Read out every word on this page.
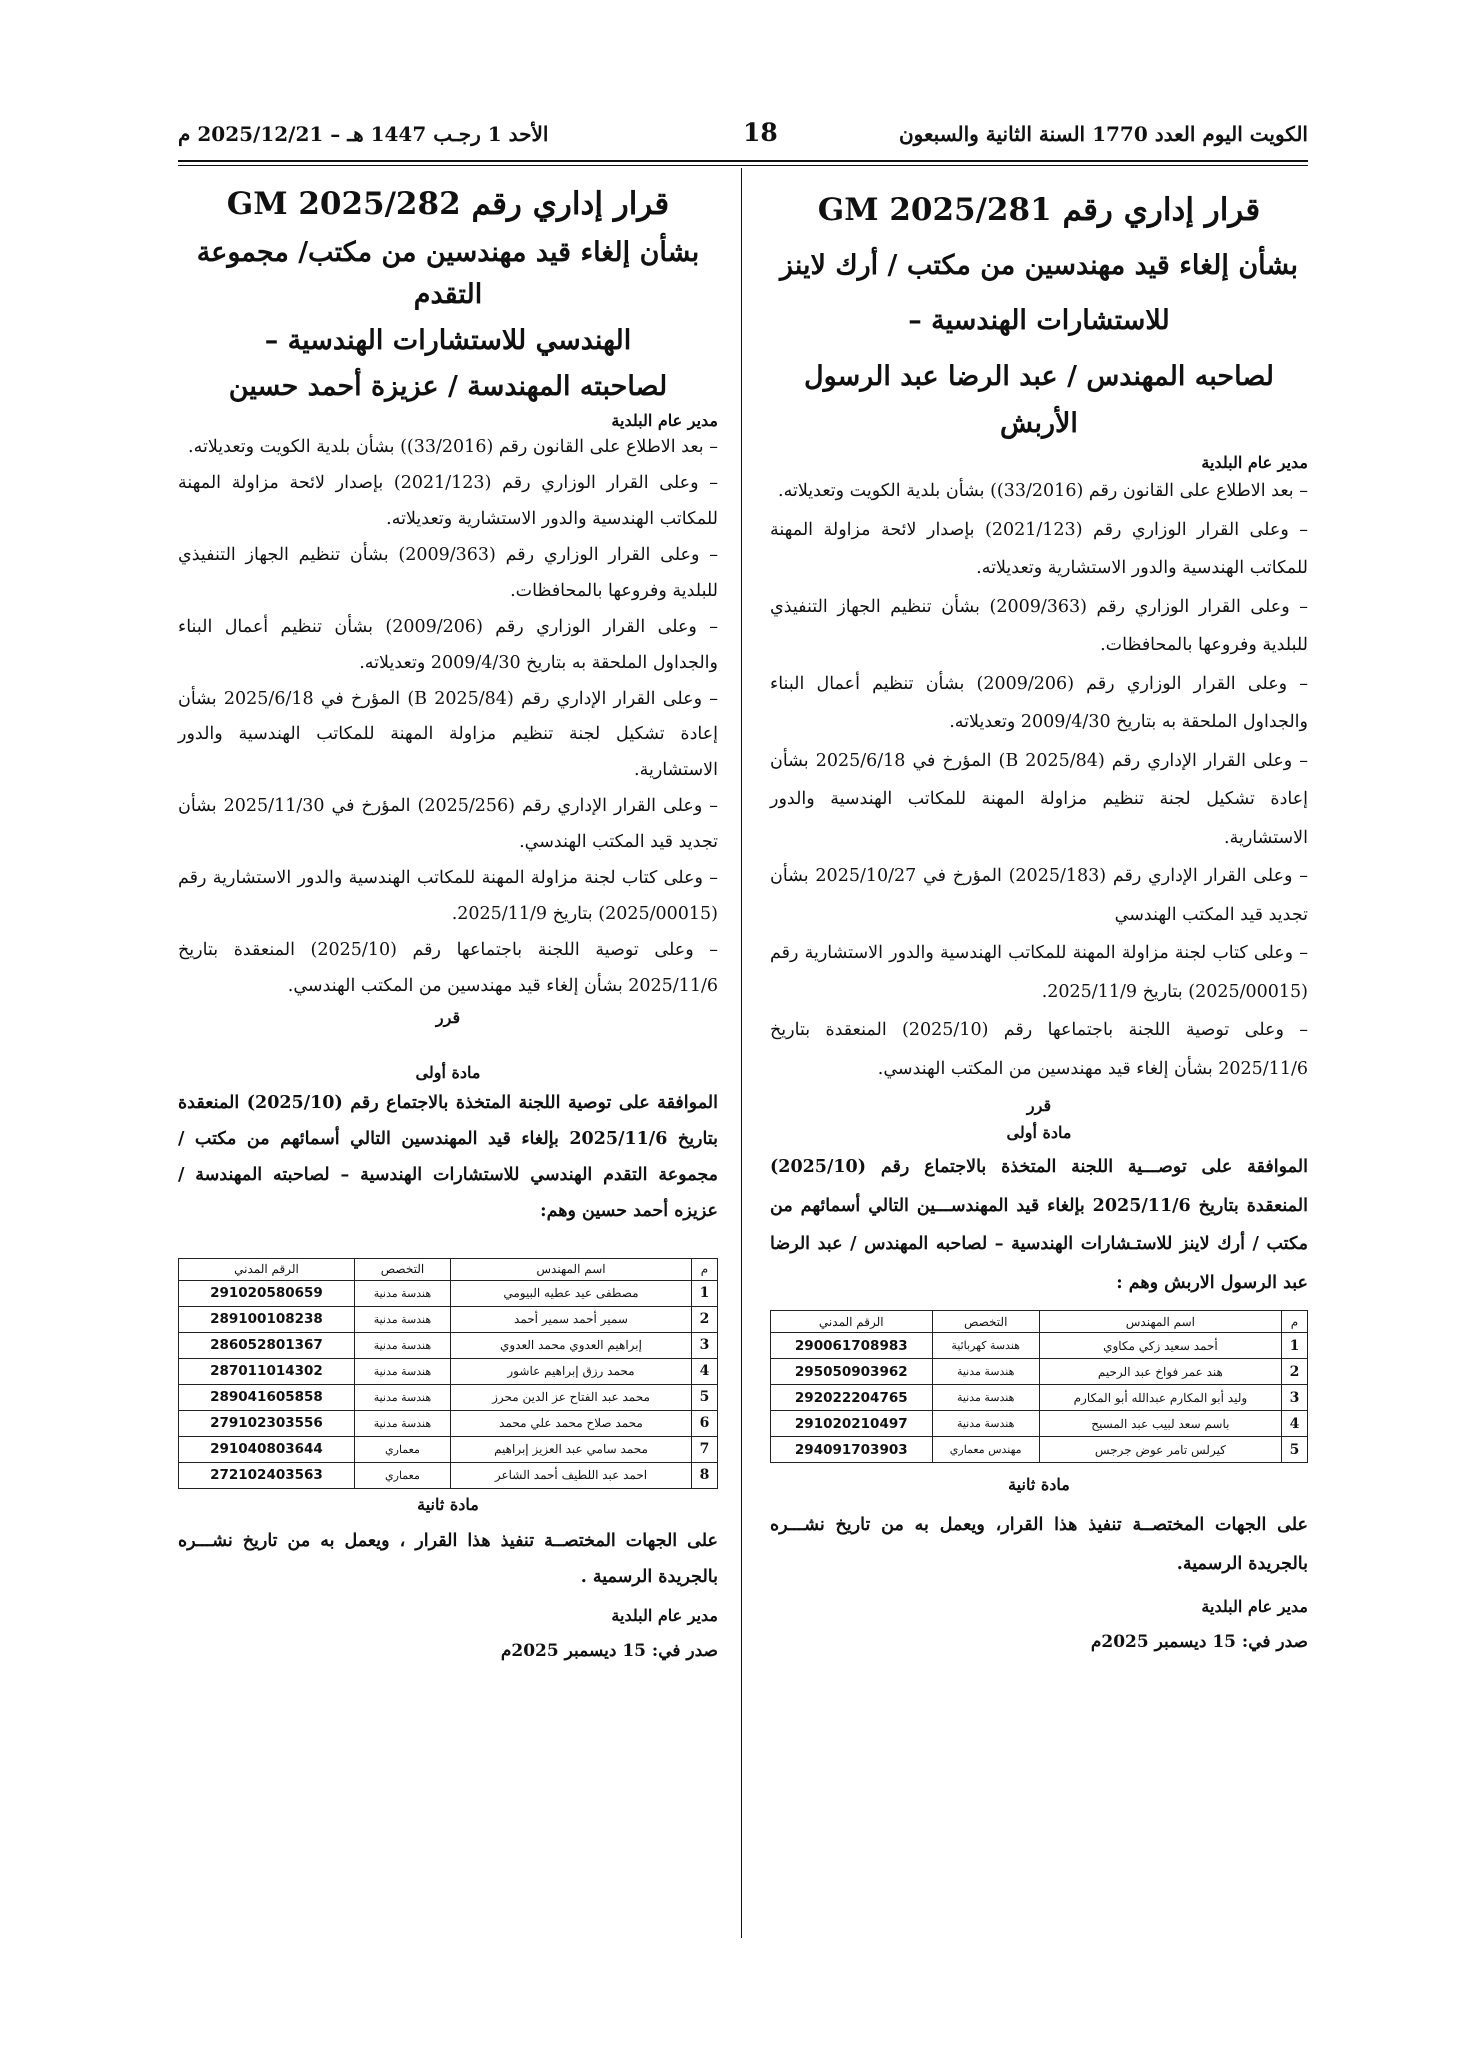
الكويت اليوم العدد 1770 السنة الثانية والسبعون
18
الأحد 1 رجـب 1447 هـ – 2025/12/21 م
قرار إداري رقم GM 2025/281
بشأن إلغاء قيد مهندسين من مكتب / أرك لاينز
للاستشارات الهندسية –
لصاحبه المهندس / عبد الرضا عبد الرسول الأربش
مدير عام البلدية
– بعد الاطلاع على القانون رقم (33/2016)) بشأن بلدية الكويت وتعديلاته.
– وعلى القرار الوزاري رقم (2021/123) بإصدار لائحة مزاولة المهنة للمكاتب الهندسية والدور الاستشارية وتعديلاته.
– وعلى القرار الوزاري رقم (2009/363) بشأن تنظيم الجهاز التنفيذي للبلدية وفروعها بالمحافظات.
– وعلى القرار الوزاري رقم (2009/206) بشأن تنظيم أعمال البناء والجداول الملحقة به بتاريخ 2009/4/30 وتعديلاته.
– وعلى القرار الإداري رقم (B 2025/84) المؤرخ في 2025/6/18 بشأن إعادة تشكيل لجنة تنظيم مزاولة المهنة للمكاتب الهندسية والدور الاستشارية.
– وعلى القرار الإداري رقم (2025/183) المؤرخ في 2025/10/27 بشأن تجديد قيد المكتب الهندسي
– وعلى كتاب لجنة مزاولة المهنة للمكاتب الهندسية والدور الاستشارية رقم (2025/00015) بتاريخ 2025/11/9.
– وعلى توصية اللجنة باجتماعها رقم (2025/10) المنعقدة بتاريخ 2025/11/6 بشأن إلغاء قيد مهندسين من المكتب الهندسي.
قرر
مادة أولى
الموافقة على توصـــية اللجنة المتخذة بالاجتماع رقم (2025/10) المنعقدة بتاريخ 2025/11/6 بإلغاء قيد المهندســـين التالي أسمائهم من مكتب / أرك لاينز للاستـشارات الهندسية – لصاحبه المهندس / عبد الرضا عبد الرسول الاربش وهم :
م	اسم المهندس	التخصص	الرقم المدني
1	أحمد سعيد زكي مكاوي	هندسة كهربائية	290061708983
2	هند عمر فواخ عبد الرحيم	هندسة مدنية	295050903962
3	وليد أبو المكارم عبدالله أبو المكارم	هندسة مدنية	292022204765
4	باسم سعد لبيب عبد المسيح	هندسة مدنية	291020210497
5	كيرلس تامر عوض جرجس	مهندس معماري	294091703903
مادة ثانية
على الجهات المختصــة تنفيذ هذا القرار، ويعمل به من تاريخ نشـــره بالجريدة الرسمية.
مدير عام البلدية
صدر في: 15 ديسمبر 2025م
قرار إداري رقم GM 2025/282
بشأن إلغاء قيد مهندسين من مكتب/ مجموعة التقدم
الهندسي للاستشارات الهندسية –
لصاحبته المهندسة / عزيزة أحمد حسين
مدير عام البلدية
– بعد الاطلاع على القانون رقم (33/2016)) بشأن بلدية الكويت وتعديلاته.
– وعلى القرار الوزاري رقم (2021/123) بإصدار لائحة مزاولة المهنة للمكاتب الهندسية والدور الاستشارية وتعديلاته.
– وعلى القرار الوزاري رقم (2009/363) بشأن تنظيم الجهاز التنفيذي للبلدية وفروعها بالمحافظات.
– وعلى القرار الوزاري رقم (2009/206) بشأن تنظيم أعمال البناء والجداول الملحقة به بتاريخ 2009/4/30 وتعديلاته.
– وعلى القرار الإداري رقم (B 2025/84) المؤرخ في 2025/6/18 بشأن إعادة تشكيل لجنة تنظيم مزاولة المهنة للمكاتب الهندسية والدور الاستشارية.
– وعلى القرار الإداري رقم (2025/256) المؤرخ في 2025/11/30 بشأن تجديد قيد المكتب الهندسي.
– وعلى كتاب لجنة مزاولة المهنة للمكاتب الهندسية والدور الاستشارية رقم (2025/00015) بتاريخ 2025/11/9.
– وعلى توصية اللجنة باجتماعها رقم (2025/10) المنعقدة بتاريخ 2025/11/6 بشأن إلغاء قيد مهندسين من المكتب الهندسي.
قرر
مادة أولى
الموافقة على توصية اللجنة المتخذة بالاجتماع رقم (2025/10) المنعقدة بتاريخ 2025/11/6 بإلغاء قيد المهندسين التالي أسمائهم من مكتب / مجموعة التقدم الهندسي للاستشارات الهندسية – لصاحبته المهندسة / عزيزه أحمد حسين وهم:
م	اسم المهندس	التخصص	الرقم المدني
1	مصطفى عيد عطيه البيومي	هندسة مدنية	291020580659
2	سمير أحمد سمير أحمد	هندسة مدنية	289100108238
3	إبراهيم العدوي محمد العدوي	هندسة مدنية	286052801367
4	محمد رزق إبراهيم عاشور	هندسة مدنية	287011014302
5	محمد عبد الفتاح عز الدين محرز	هندسة مدنية	289041605858
6	محمد صلاح محمد علي محمد	هندسة مدنية	279102303556
7	محمد سامي عبد العزيز إبراهيم	معماري	291040803644
8	احمد عبد اللطيف أحمد الشاعر	معماري	272102403563
مادة ثانية
على الجهات المختصــة تنفيذ هذا القرار ، ويعمل به من تاريخ نشـــره بالجريدة الرسمية .
مدير عام البلدية
صدر في: 15 ديسمبر 2025م
